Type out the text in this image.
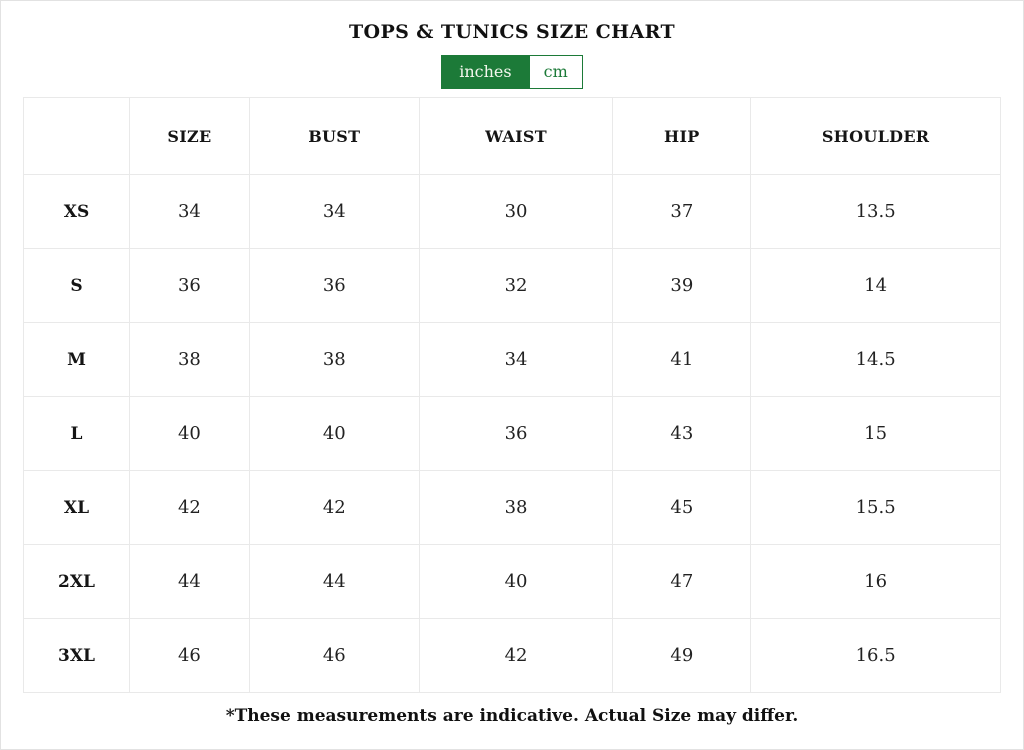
TOPS & TUNICS SIZE CHART
inches	cm
	SIZE	BUST	WAIST	HIP	SHOULDER
XS	34	34	30	37	13.5
S	36	36	32	39	14
M	38	38	34	41	14.5
L	40	40	36	43	15
XL	42	42	38	45	15.5
2XL	44	44	40	47	16
3XL	46	46	42	49	16.5
*These measurements are indicative. Actual Size may differ.
